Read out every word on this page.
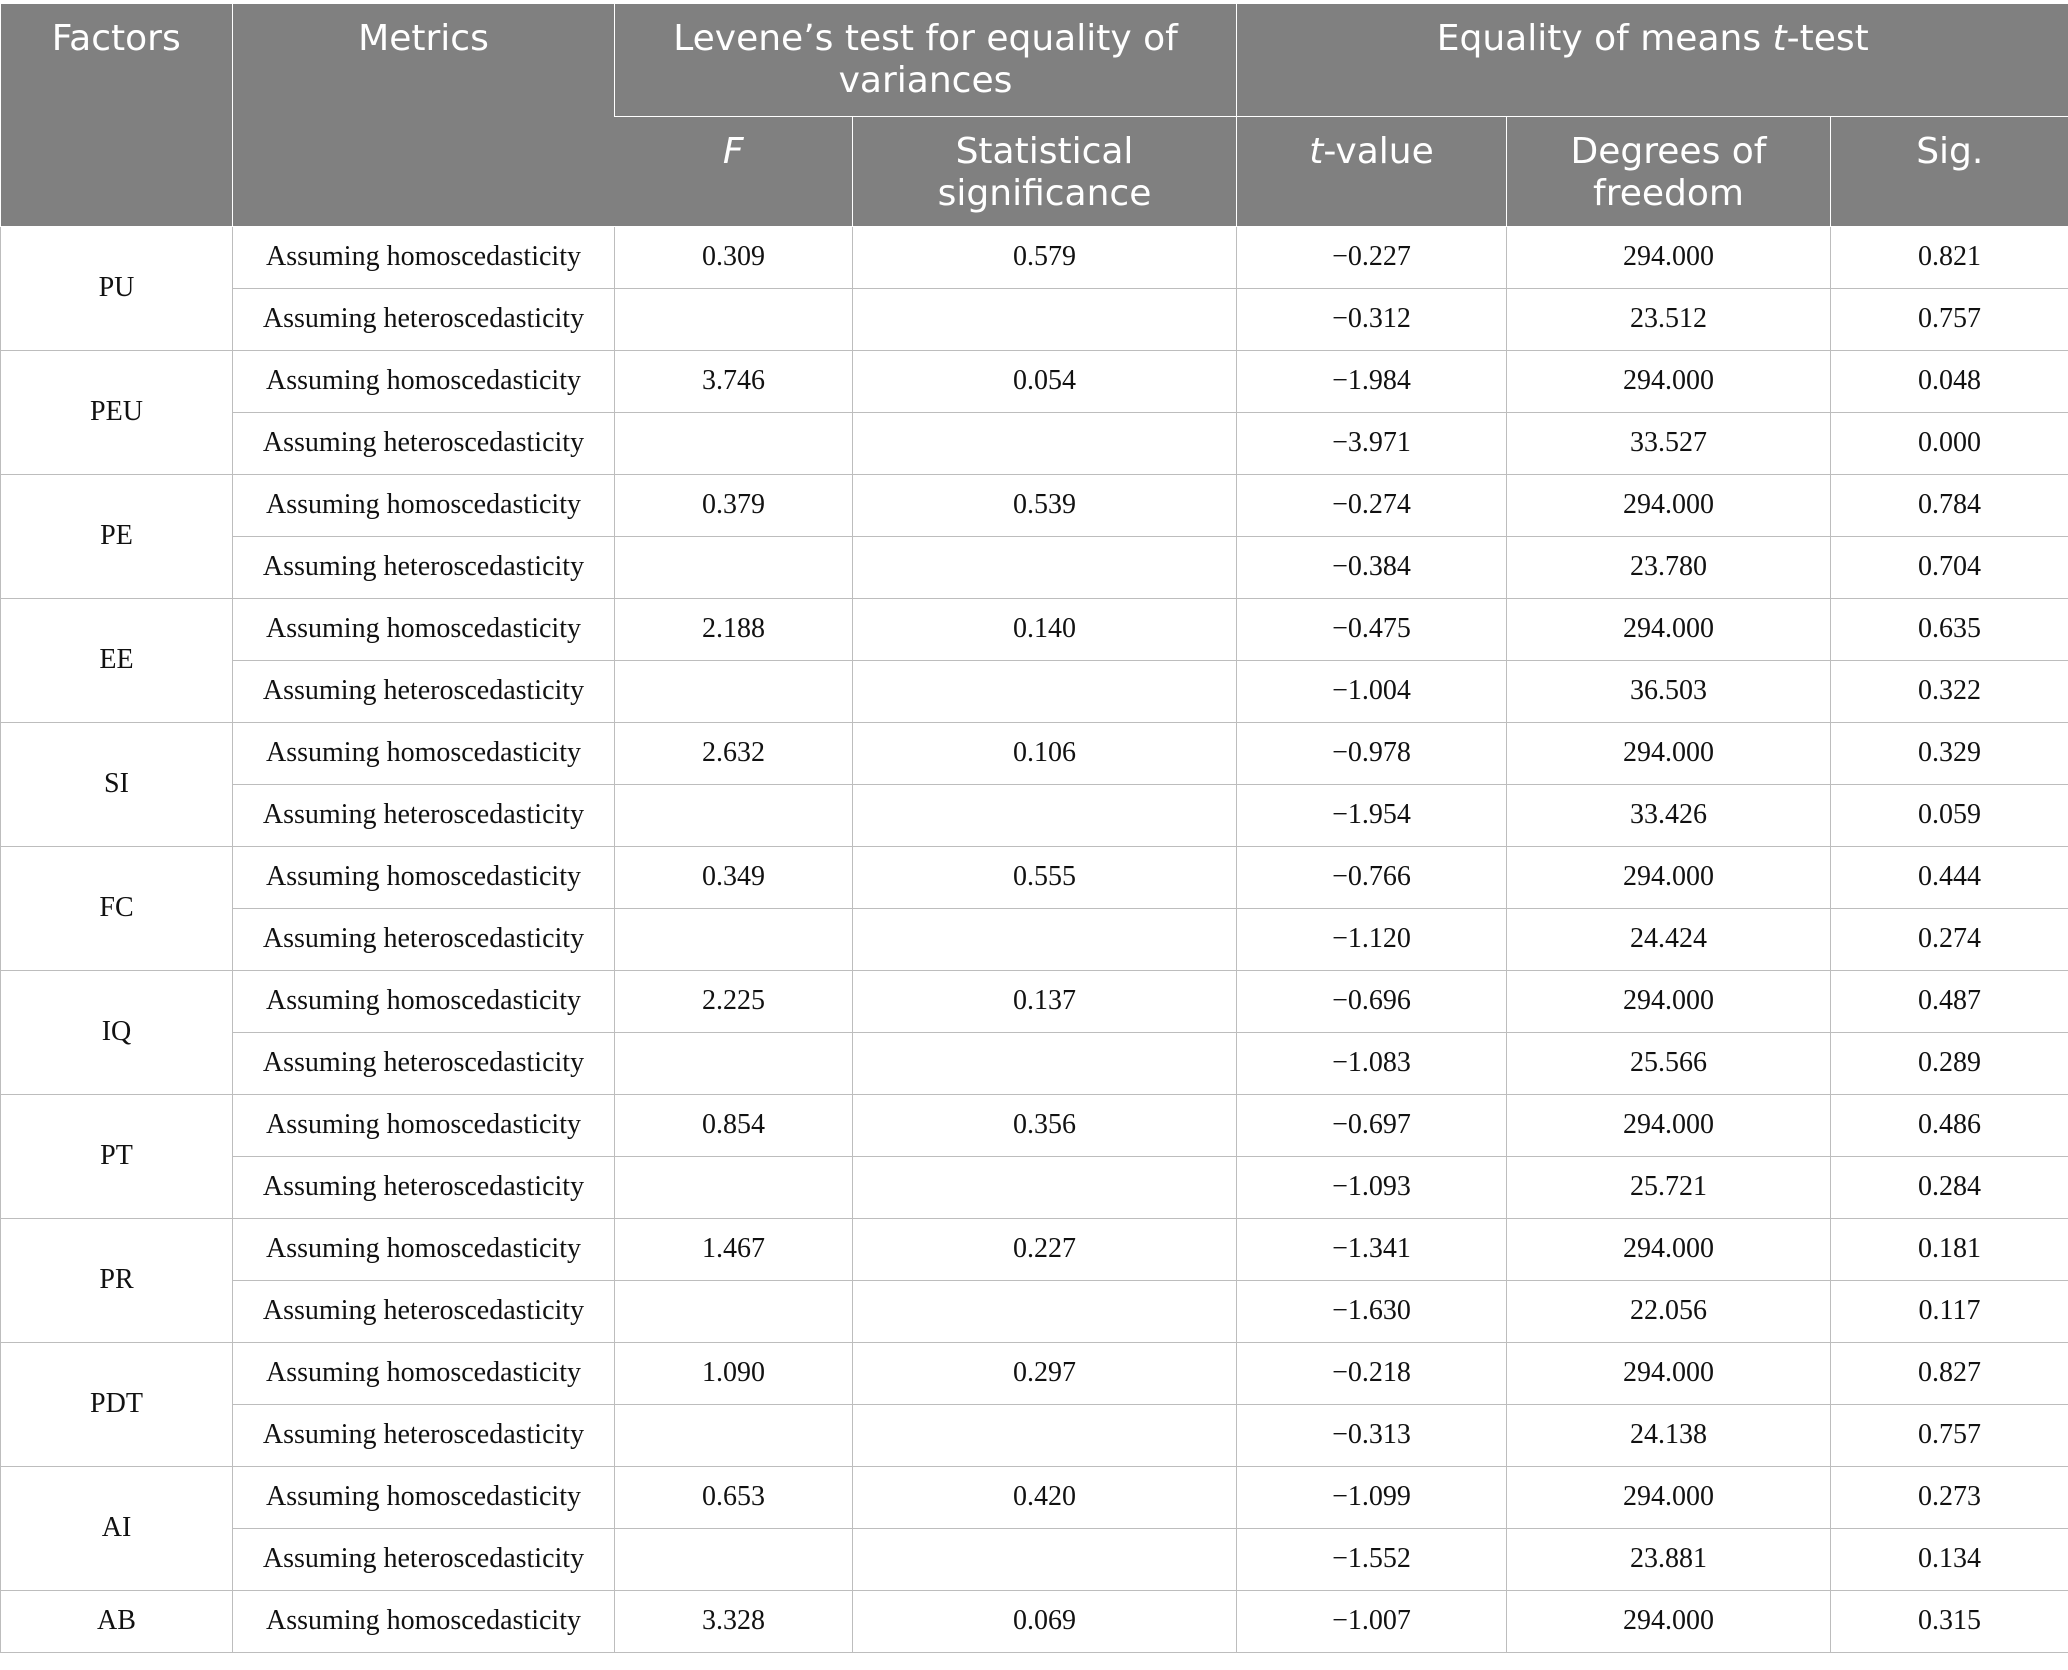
Factors	Metrics	Levene’s test for equality of variances		Equality of means t-test		
		F	Statistical significance	t-value	Degrees of freedom	Sig.
PU	Assuming homoscedasticity	0.309	0.579	−0.227	294.000	0.821
	Assuming heteroscedasticity			−0.312	23.512	0.757
PEU	Assuming homoscedasticity	3.746	0.054	−1.984	294.000	0.048
	Assuming heteroscedasticity			−3.971	33.527	0.000
PE	Assuming homoscedasticity	0.379	0.539	−0.274	294.000	0.784
	Assuming heteroscedasticity			−0.384	23.780	0.704
EE	Assuming homoscedasticity	2.188	0.140	−0.475	294.000	0.635
	Assuming heteroscedasticity			−1.004	36.503	0.322
SI	Assuming homoscedasticity	2.632	0.106	−0.978	294.000	0.329
	Assuming heteroscedasticity			−1.954	33.426	0.059
FC	Assuming homoscedasticity	0.349	0.555	−0.766	294.000	0.444
	Assuming heteroscedasticity			−1.120	24.424	0.274
IQ	Assuming homoscedasticity	2.225	0.137	−0.696	294.000	0.487
	Assuming heteroscedasticity			−1.083	25.566	0.289
PT	Assuming homoscedasticity	0.854	0.356	−0.697	294.000	0.486
	Assuming heteroscedasticity			−1.093	25.721	0.284
PR	Assuming homoscedasticity	1.467	0.227	−1.341	294.000	0.181
	Assuming heteroscedasticity			−1.630	22.056	0.117
PDT	Assuming homoscedasticity	1.090	0.297	−0.218	294.000	0.827
	Assuming heteroscedasticity			−0.313	24.138	0.757
AI	Assuming homoscedasticity	0.653	0.420	−1.099	294.000	0.273
	Assuming heteroscedasticity			−1.552	23.881	0.134
AB	Assuming homoscedasticity	3.328	0.069	−1.007	294.000	0.315
